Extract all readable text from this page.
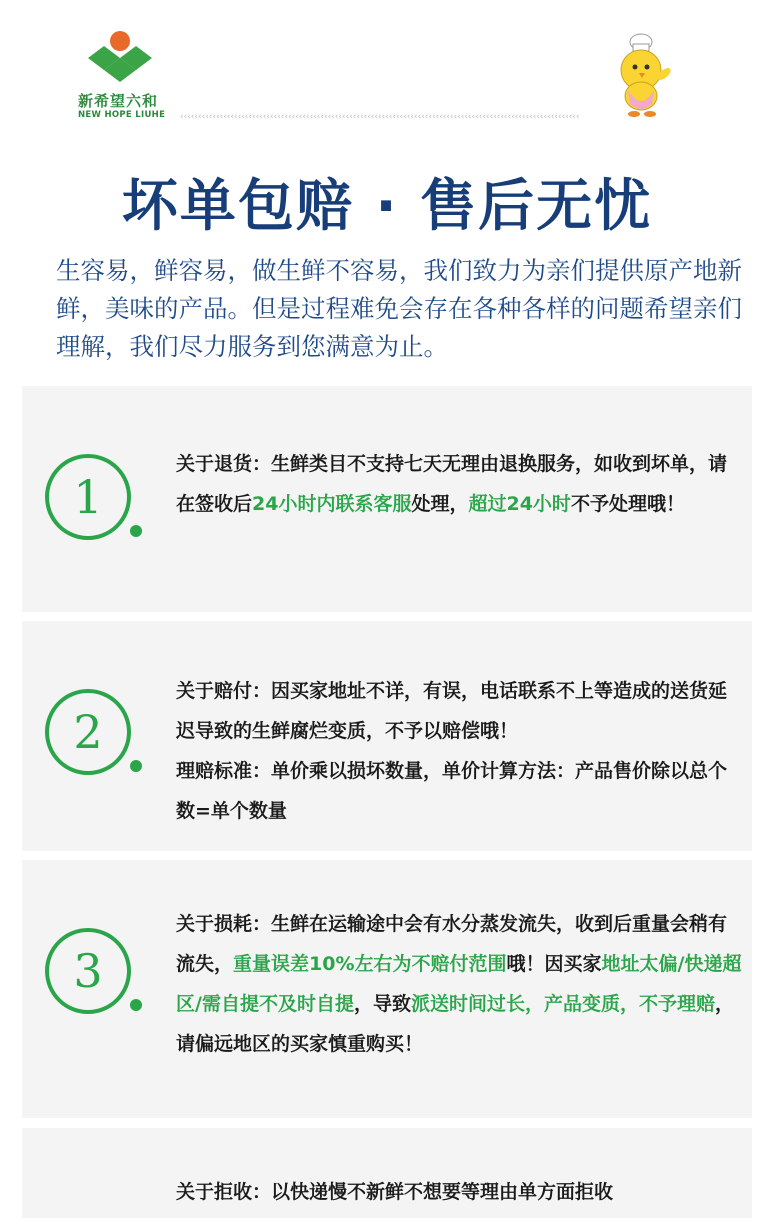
新希望六和
NEW HOPE LIUHE ‹‹‹‹‹‹‹‹‹‹‹‹‹‹‹‹‹‹‹‹‹‹‹‹‹‹‹‹‹‹‹‹‹‹‹‹‹‹‹‹‹‹‹‹‹‹‹‹‹‹‹‹‹‹‹‹‹‹‹‹‹‹‹‹‹‹‹‹‹‹‹‹‹‹‹‹‹‹‹‹‹‹‹‹‹‹‹‹‹‹‹‹‹‹‹‹‹‹‹‹‹‹‹‹‹‹‹‹‹‹‹
坏单包赔 · 售后无忧
生容易，鲜容易，做生鲜不容易，我们致力为亲们提供原产地新鲜，美味的产品。但是过程难免会存在各种各样的问题希望亲们理解，我们尽力服务到您满意为止。
1
关于退货：生鲜类目不支持七天无理由退换服务，如收到坏单，请在签收后24小时内联系客服处理，超过24小时不予处理哦！
2
关于赔付：因买家地址不详，有误，电话联系不上等造成的送货延迟导致的生鲜腐烂变质，不予以赔偿哦！
理赔标准：单价乘以损坏数量，单价计算方法：产品售价除以总个数=单个数量
3
关于损耗：生鲜在运输途中会有水分蒸发流失，收到后重量会稍有流失，重量误差10%左右为不赔付范围哦！因买家地址太偏/快递超区/需自提不及时自提，导致派送时间过长，产品变质，不予理赔，请偏远地区的买家慎重购买！
关于拒收：以快递慢不新鲜不想要等理由单方面拒收
